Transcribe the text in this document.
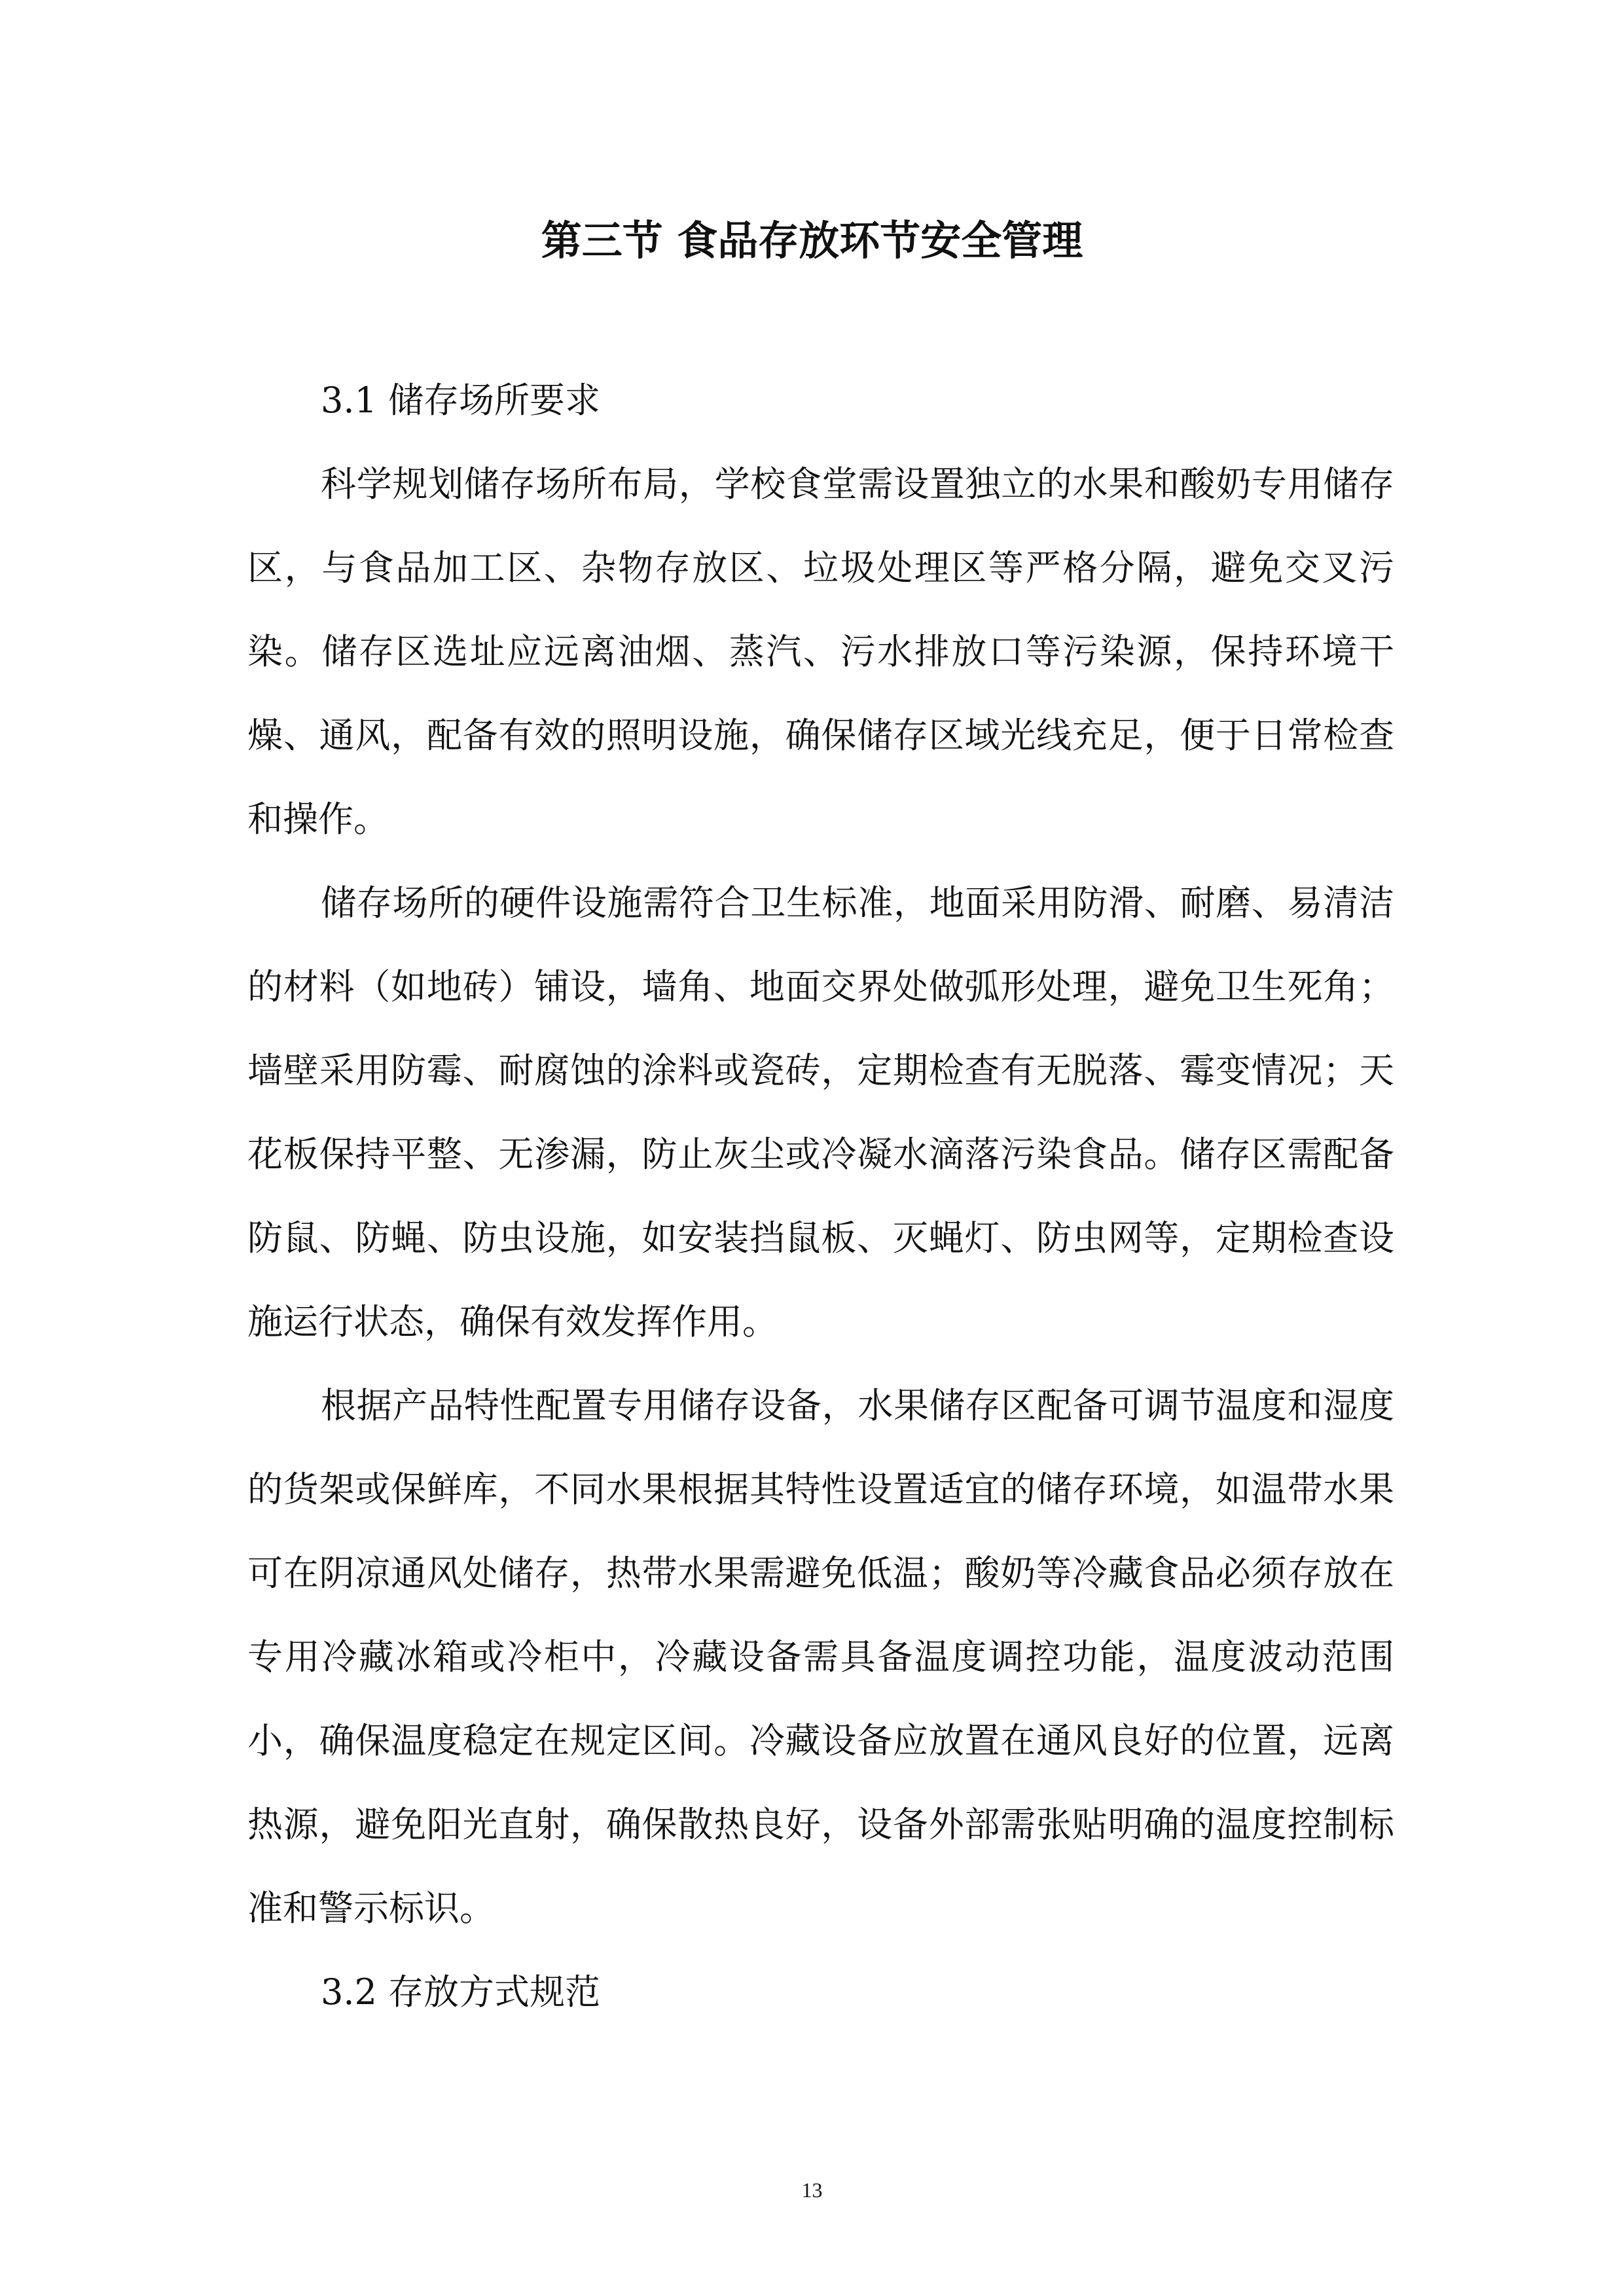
第三节 食品存放环节安全管理
3.1 储存场所要求

科学规划储存场所布局，学校食堂需设置独立的水果和酸奶专用储存区，与食品加工区、杂物存放区、垃圾处理区等严格分隔，避免交叉污染。储存区选址应远离油烟、蒸汽、污水排放口等污染源，保持环境干燥、通风，配备有效的照明设施，确保储存区域光线充足，便于日常检查和操作。

储存场所的硬件设施需符合卫生标准，地面采用防滑、耐磨、易清洁的材料（如地砖）铺设，墙角、地面交界处做弧形处理，避免卫生死角；墙壁采用防霉、耐腐蚀的涂料或瓷砖，定期检查有无脱落、霉变情况；天花板保持平整、无渗漏，防止灰尘或冷凝水滴落污染食品。储存区需配备防鼠、防蝇、防虫设施，如安装挡鼠板、灭蝇灯、防虫网等，定期检查设施运行状态，确保有效发挥作用。

根据产品特性配置专用储存设备，水果储存区配备可调节温度和湿度的货架或保鲜库，不同水果根据其特性设置适宜的储存环境，如温带水果可在阴凉通风处储存，热带水果需避免低温；酸奶等冷藏食品必须存放在专用冷藏冰箱或冷柜中，冷藏设备需具备温度调控功能，温度波动范围小，确保温度稳定在规定区间。冷藏设备应放置在通风良好的位置，远离热源，避免阳光直射，确保散热良好，设备外部需张贴明确的温度控制标准和警示标识。

3.2 存放方式规范
13
